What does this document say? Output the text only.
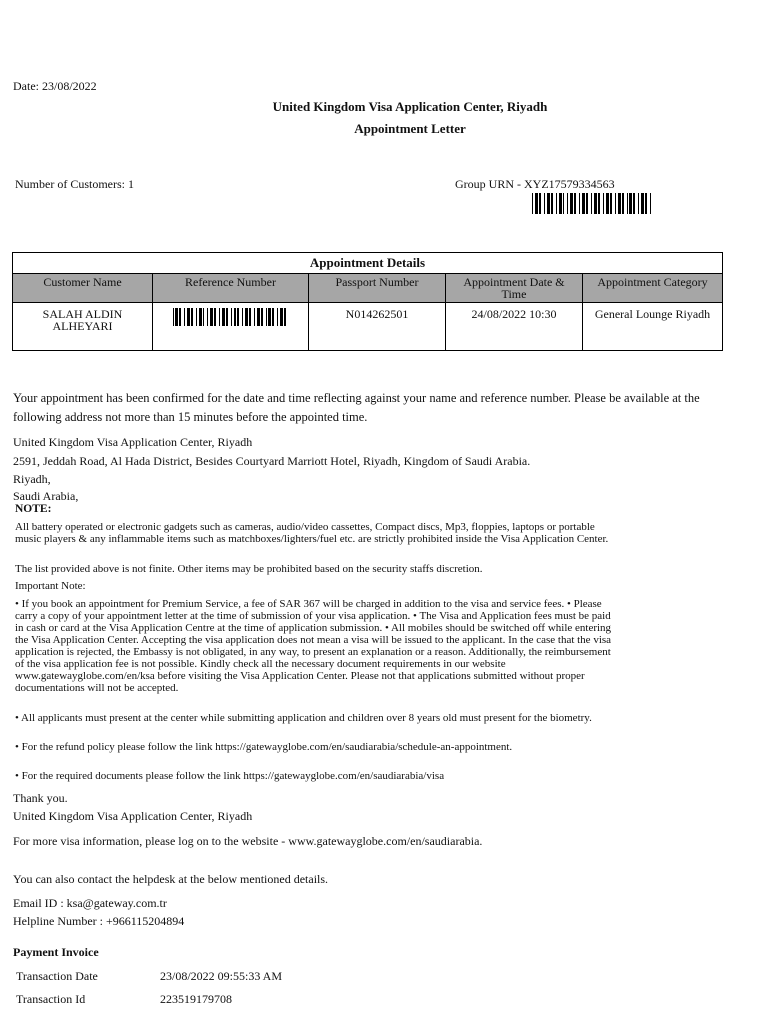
Date: 23/08/2022
United Kingdom Visa Application Center, Riyadh
Appointment Letter
Number of Customers: 1	Group URN - XYZ17579334563
Appointment Details				
Customer Name	Reference Number	Passport Number	Appointment Date & Time	Appointment Category
SALAH ALDIN ALHEYARI		N014262501	24/08/2022 10:30	General Lounge Riyadh
Your appointment has been confirmed for the date and time reflecting against your name and reference number. Please be available at the following address not more than 15 minutes before the appointed time.
United Kingdom Visa Application Center, Riyadh
2591, Jeddah Road, Al Hada District, Besides Courtyard Marriott Hotel, Riyadh, Kingdom of Saudi Arabia.
Riyadh,
Saudi Arabia,
NOTE:
All battery operated or electronic gadgets such as cameras, audio/video cassettes, Compact discs, Mp3, floppies, laptops or portable music players & any inflammable items such as matchboxes/lighters/fuel etc. are strictly prohibited inside the Visa Application Center.
The list provided above is not finite. Other items may be prohibited based on the security staffs discretion.
Important Note:
• If you book an appointment for Premium Service, a fee of SAR 367 will be charged in addition to the visa and service fees. • Please carry a copy of your appointment letter at the time of submission of your visa application. • The Visa and Application fees must be paid in cash or card at the Visa Application Centre at the time of application submission. • All mobiles should be switched off while entering the Visa Application Center. Accepting the visa application does not mean a visa will be issued to the applicant. In the case that the visa application is rejected, the Embassy is not obligated, in any way, to present an explanation or a reason. Additionally, the reimbursement of the visa application fee is not possible. Kindly check all the necessary document requirements in our website www.gatewayglobe.com/en/ksa before visiting the Visa Application Center. Please not that applications submitted without proper documentations will not be accepted.
• All applicants must present at the center while submitting application and children over 8 years old must present for the biometry.
• For the refund policy please follow the link https://gatewayglobe.com/en/saudiarabia/schedule-an-appointment.
• For the required documents please follow the link https://gatewayglobe.com/en/saudiarabia/visa
Thank you.
United Kingdom Visa Application Center, Riyadh
For more visa information, please log on to the website - www.gatewayglobe.com/en/saudiarabia.
You can also contact the helpdesk at the below mentioned details.
Email ID : ksa@gateway.com.tr
Helpline Number : +966115204894
Payment Invoice
Transaction Date	23/08/2022 09:55:33 AM
Transaction Id	223519179708
